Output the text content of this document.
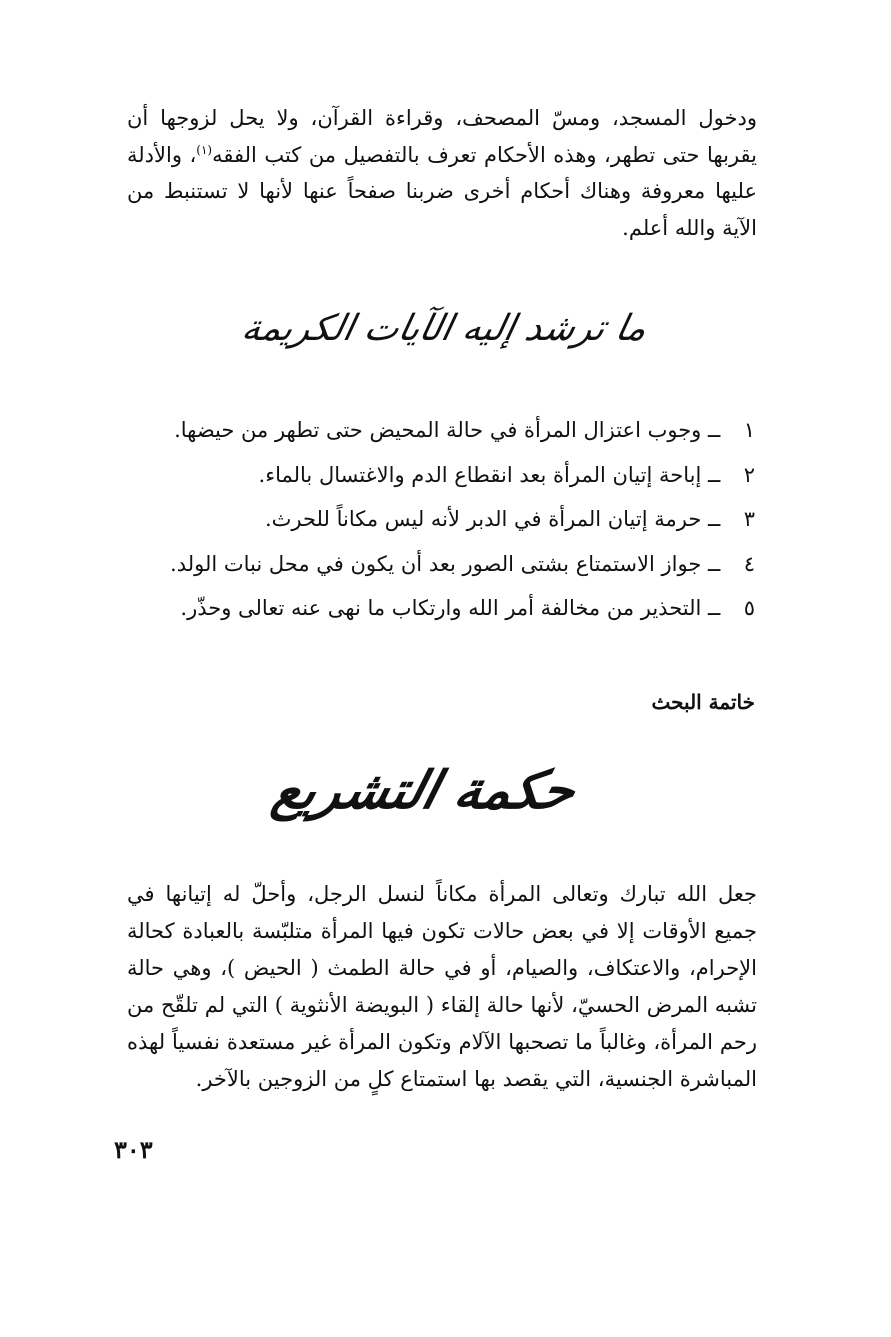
ودخول المسجد، ومسّ المصحف، وقراءة القرآن، ولا يحل لزوجها أن يقربها حتى تطهر، وهذه الأحكام تعرف بالتفصيل من كتب الفقه$^{(١)}$، والأدلة عليها معروفة وهناك أحكام أخرى ضربنا صفحاً عنها لأنها لا تستنبط من الآية والله أعلم.

ما ترشد إليه الآيات الكريمة
١ ــ وجوب اعتزال المرأة في حالة المحيض حتى تطهر من حيضها.
٢ ــ إباحة إتيان المرأة بعد انقطاع الدم والاغتسال بالماء.
٣ ــ حرمة إتيان المرأة في الدبر لأنه ليس مكاناً للحرث.
٤ ــ جواز الاستمتاع بشتى الصور بعد أن يكون في محل نبات الولد.
٥ ــ التحذير من مخالفة أمر الله وارتكاب ما نهى عنه تعالى وحذّر.
خاتمة البحث
حكمة التشريع

جعل الله تبارك وتعالى المرأة مكاناً لنسل الرجل، وأحلّ له إتيانها في جميع الأوقات إلا في بعض حالات تكون فيها المرأة متلبّسة بالعبادة كحالة الإحرام، والاعتكاف، والصيام، أو في حالة الطمث ( الحيض )، وهي حالة تشبه المرض الحسيّ، لأنها حالة إلقاء ( البويضة الأنثوية ) التي لم تلقّح من رحم المرأة، وغالباً ما تصحبها الآلام وتكون المرأة غير مستعدة نفسياً لهذه المباشرة الجنسية، التي يقصد بها استمتاع كلٍ من الزوجين بالآخر.

٣٠٣
